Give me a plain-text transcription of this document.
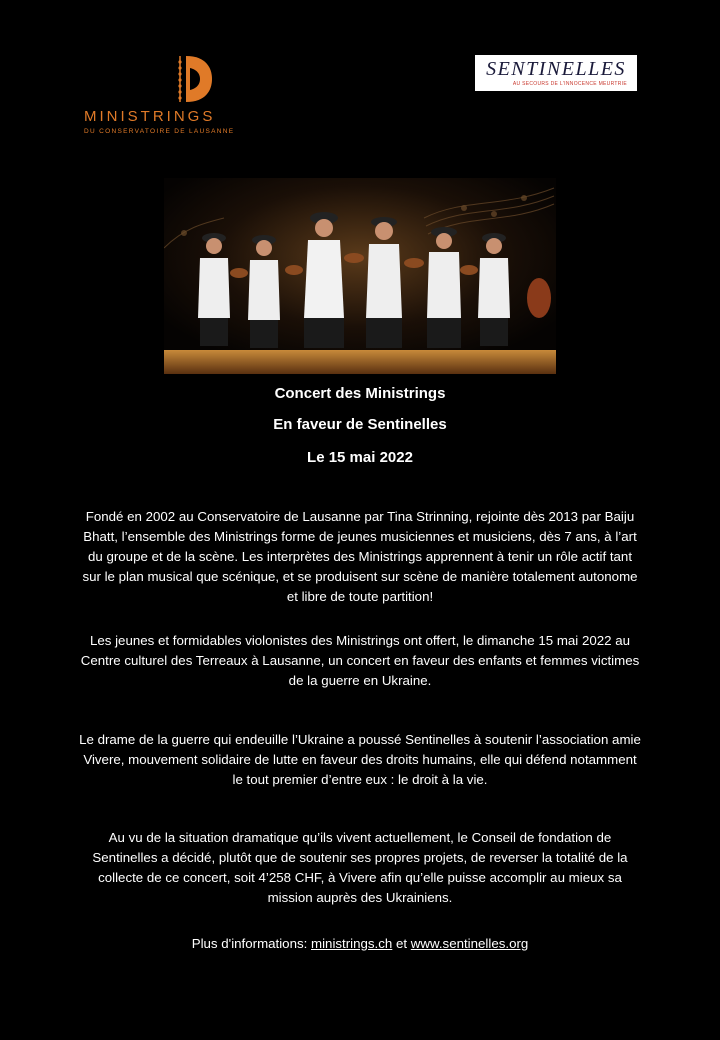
MINISTRINGS
DU CONSERVATOIRE DE LAUSANNE
SENTINELLES
AU SECOURS DE L'INNOCENCE MEURTRIE
Concert des Ministrings
En faveur de Sentinelles
Le 15 mai 2022

Fondé en 2002 au Conservatoire de Lausanne par Tina Strinning, rejointe dès 2013 par Baiju
Bhatt, l’ensemble des Ministrings forme de jeunes musiciennes et musiciens, dès 7 ans, à l’art
du groupe et de la scène. Les interprètes des Ministrings apprennent à tenir un rôle actif tant
sur le plan musical que scénique, et se produisent sur scène de manière totalement autonome
et libre de toute partition!

Les jeunes et formidables violonistes des Ministrings ont offert, le dimanche 15 mai 2022 au
Centre culturel des Terreaux à Lausanne, un concert en faveur des enfants et femmes victimes
de la guerre en Ukraine.

Le drame de la guerre qui endeuille l’Ukraine a poussé Sentinelles à soutenir l’association amie
Vivere, mouvement solidaire de lutte en faveur des droits humains, elle qui défend notamment
le tout premier d’entre eux : le droit à la vie.

Au vu de la situation dramatique qu’ils vivent actuellement, le Conseil de fondation de
Sentinelles a décidé, plutôt que de soutenir ses propres projets, de reverser la totalité de la
collecte de ce concert, soit 4’258 CHF, à Vivere afin qu’elle puisse accomplir au mieux sa
mission auprès des Ukrainiens.

Plus d'informations: ministrings.ch et www.sentinelles.org
